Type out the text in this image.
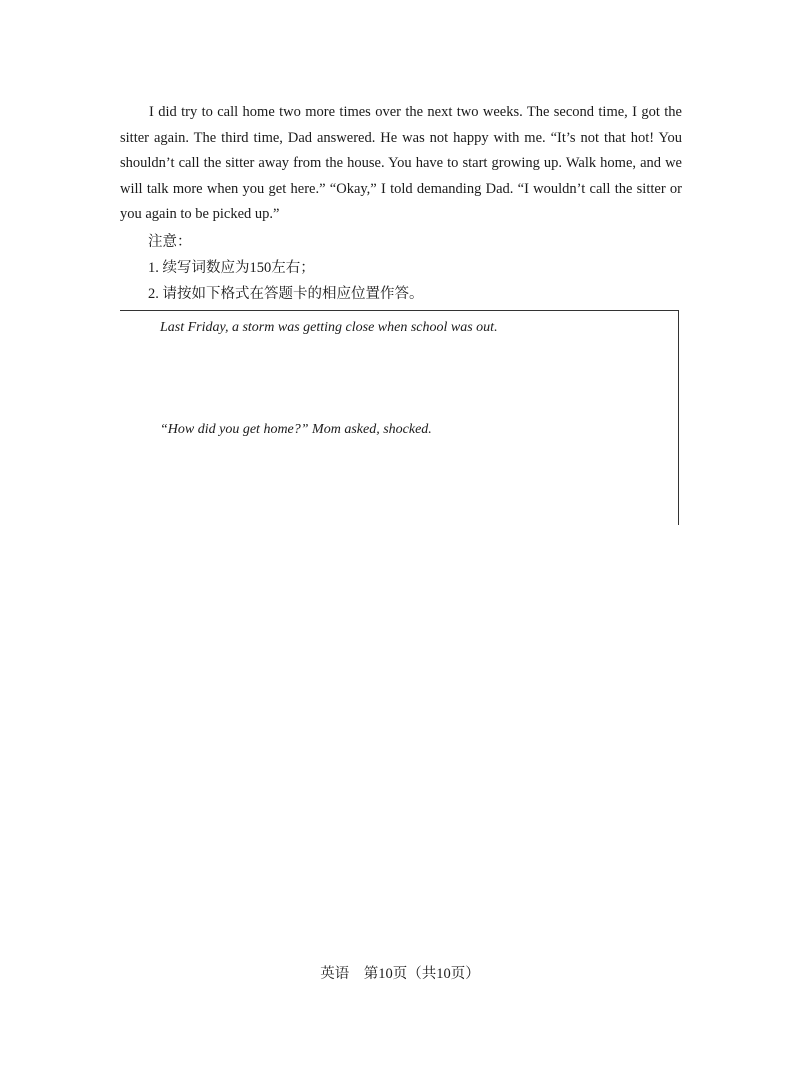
I did try to call home two more times over the next two weeks. The second time, I got the sitter again. The third time, Dad answered. He was not happy with me. “It’s not that hot! You shouldn’t call the sitter away from the house. You have to start growing up. Walk home, and we will talk more when you get here.” “Okay,” I told demanding Dad. “I wouldn’t call the sitter or you again to be picked up.”

注意：
1. 续写词数应为150左右；
2. 请按如下格式在答题卡的相应位置作答。
Last Friday, a storm was getting close when school was out.
“How did you get home?” Mom asked, shocked.
英语　第10页（共10页）
